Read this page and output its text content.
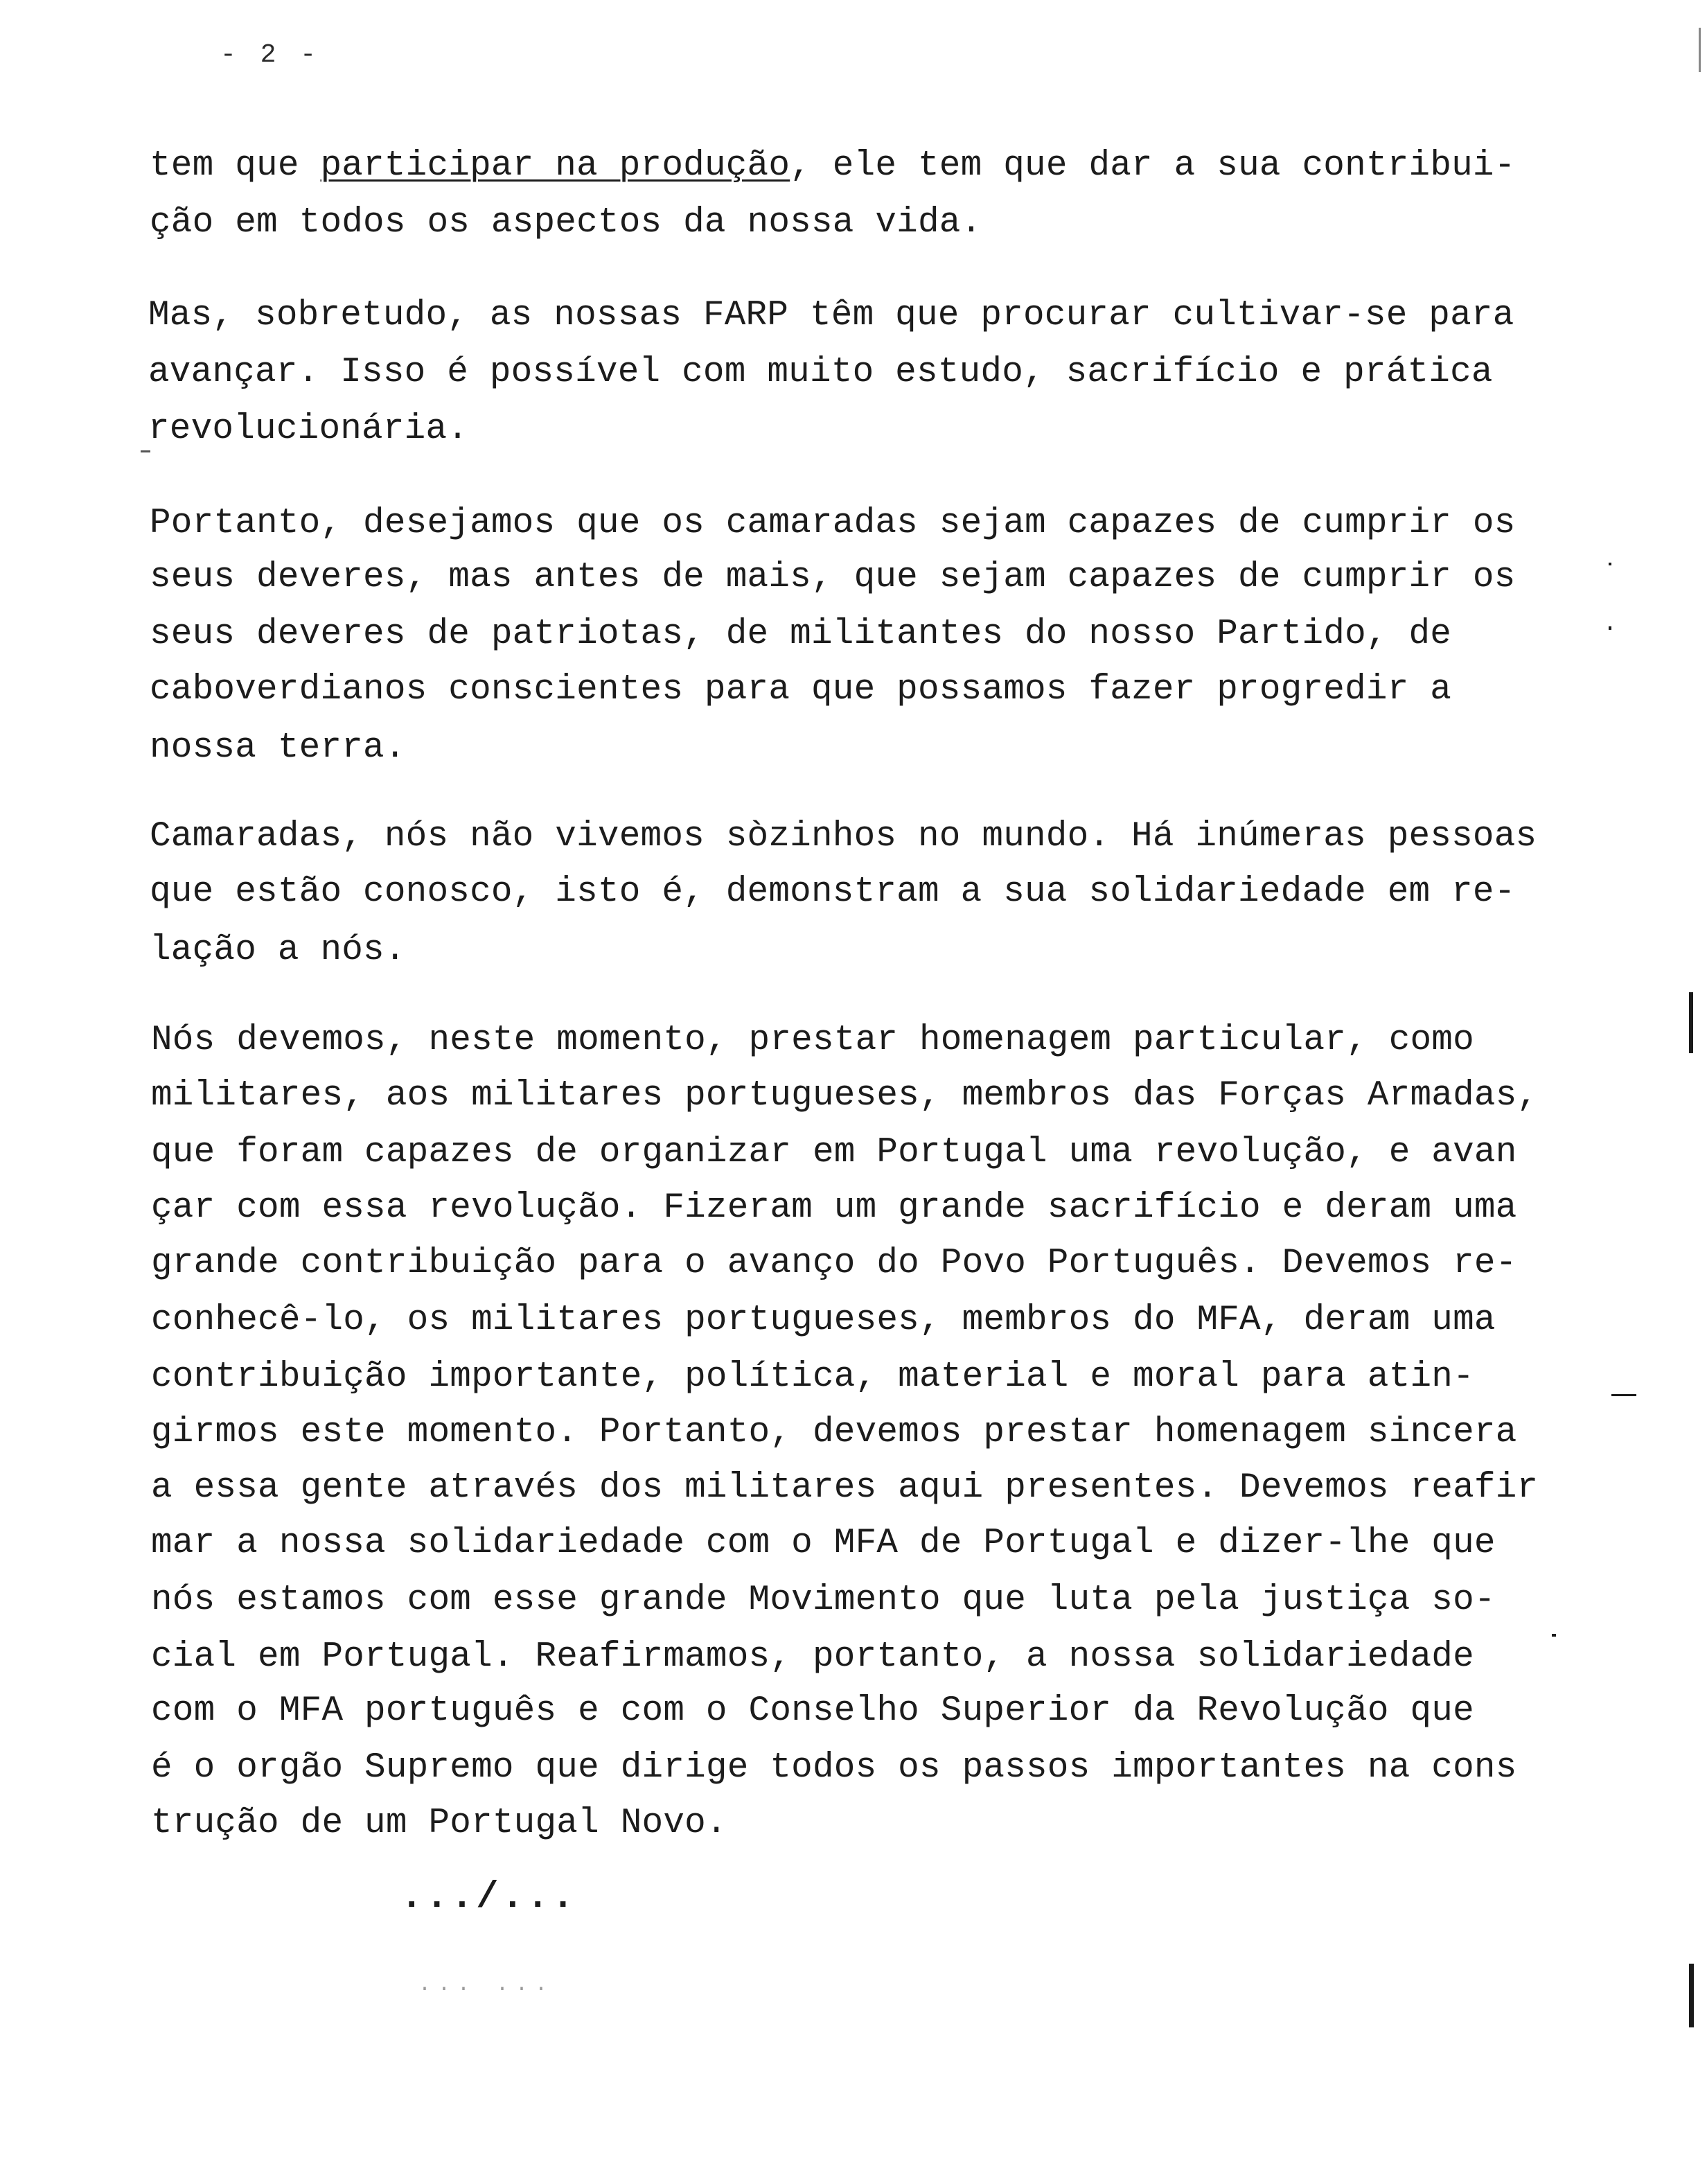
- 2 -
tem que participar na produção, ele tem que dar a sua contribui-
ção em todos os aspectos da nossa vida.
Mas, sobretudo, as nossas FARP têm que procurar cultivar-se para
avançar. Isso é possível com muito estudo, sacrifício e prática
revolucionária.
Portanto, desejamos que os camaradas sejam capazes de cumprir os
seus deveres, mas antes de mais, que sejam capazes de cumprir os
seus deveres de patriotas, de militantes do nosso Partido, de
caboverdianos conscientes para que possamos fazer progredir a
nossa terra.
Camaradas, nós não vivemos sòzinhos no mundo. Há inúmeras pessoas
que estão conosco, isto é, demonstram a sua solidariedade em re-
lação a nós.
Nós devemos, neste momento, prestar homenagem particular, como
militares, aos militares portugueses, membros das Forças Armadas,
que foram capazes de organizar em Portugal uma revolução, e avan
çar com essa revolução. Fizeram um grande sacrifício e deram uma
grande contribuição para o avanço do Povo Português. Devemos re-
conhecê-lo, os militares portugueses, membros do MFA, deram uma
contribuição importante, política, material e moral para atin-
girmos este momento. Portanto, devemos prestar homenagem sincera
a essa gente através dos militares aqui presentes. Devemos reafir
mar a nossa solidariedade com o MFA de Portugal e dizer-lhe que
nós estamos com esse grande Movimento que luta pela justiça so-
cial em Portugal. Reafirmamos, portanto, a nossa solidariedade
com o MFA português e com o Conselho Superior da Revolução que
é o orgão Supremo que dirige todos os passos importantes na cons
trução de um Portugal Novo.
.../...
... ...
